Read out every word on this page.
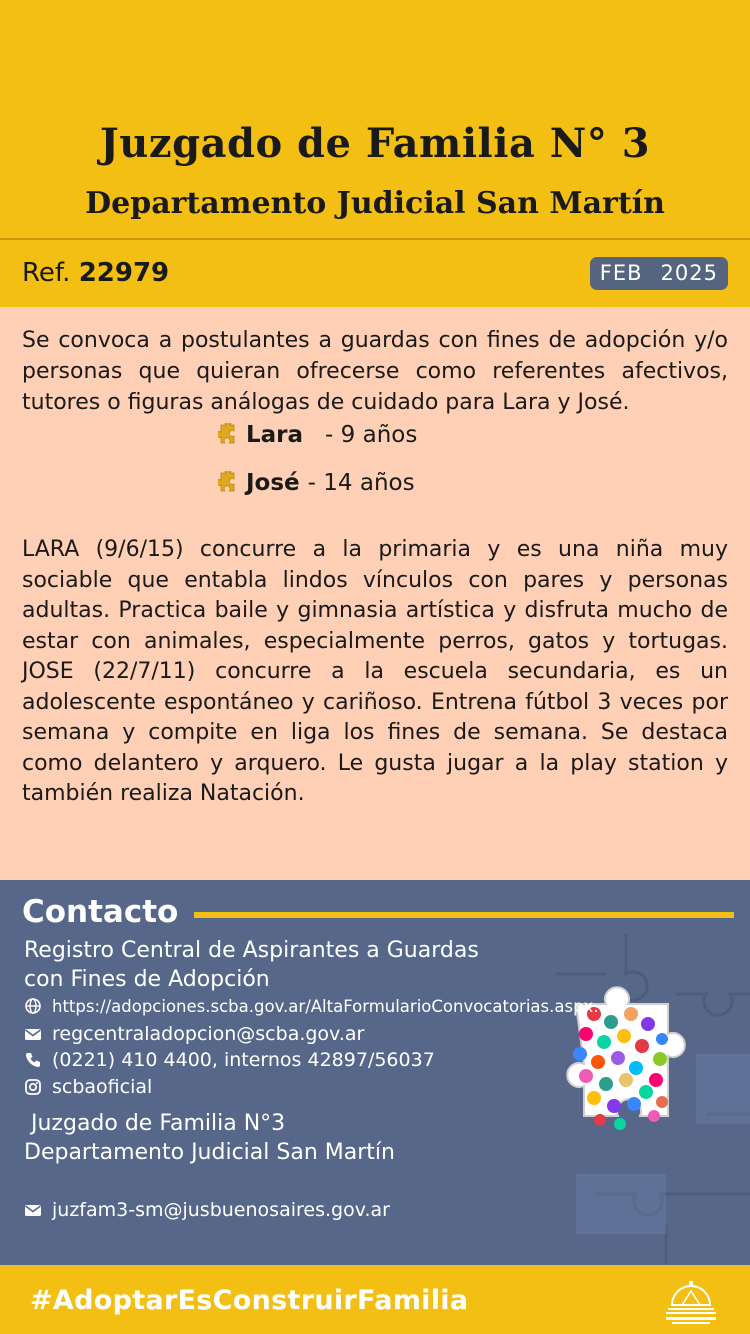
Juzgado de Familia N° 3
Departamento Judicial San Martín
Ref. 22979	FEB 2025
Se convoca a postulantes a guardas con fines de adopción y/o personas que quieran ofrecerse como referentes afectivos, tutores o figuras análogas de cuidado para Lara y José.
Lara - 9 años
José - 14 años
LARA (9/6/15) concurre a la primaria y es una niña muy sociable que entabla lindos vínculos con pares y personas adultas. Practica baile y gimnasia artística y disfruta mucho de estar con animales, especialmente perros, gatos y tortugas. JOSE (22/7/11) concurre a la escuela secundaria, es un adolescente espontáneo y cariñoso. Entrena fútbol 3 veces por semana y compite en liga los fines de semana. Se destaca como delantero y arquero. Le gusta jugar a la play station y también realiza Natación.
Contacto
Registro Central de Aspirantes a Guardas
con Fines de Adopción
https://adopciones.scba.gov.ar/AltaFormularioConvocatorias.aspx.
regcentraladopcion@scba.gov.ar
(0221) 410 4400, internos 42897/56037
scbaoficial
Juzgado de Familia N°3
Departamento Judicial San Martín
juzfam3-sm@jusbuenosaires.gov.ar
#AdoptarEsConstruirFamilia
